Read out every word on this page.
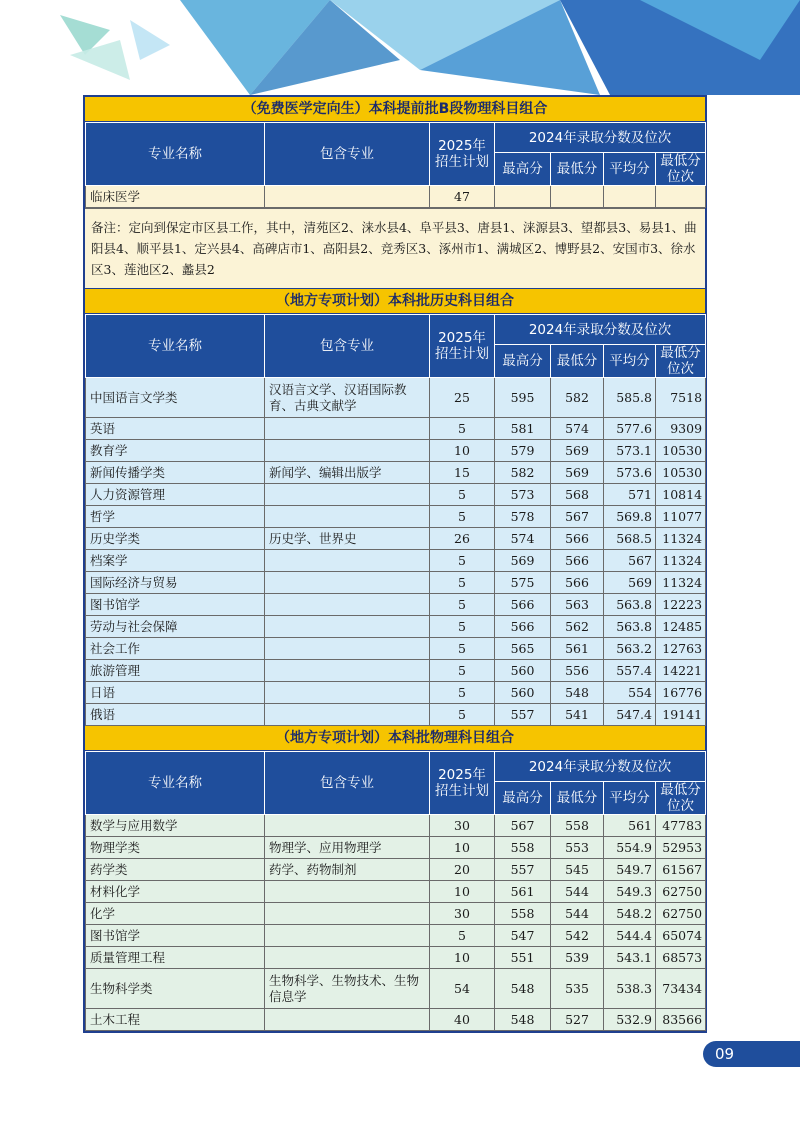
（免费医学定向生）本科提前批B段物理科目组合
专业名称	包含专业	2025年
招生计划	2024年录取分数及位次			
			最高分	最低分	平均分	最低分
位次
临床医学		47				
备注：定向到保定市区县工作，其中，清苑区2、涞水县4、阜平县3、唐县1、涞源县3、望都县3、易县1、曲阳县4、顺平县1、定兴县4、高碑店市1、高阳县2、竞秀区3、涿州市1、满城区2、博野县2、安国市3、徐水区3、莲池区2、蠡县2
（地方专项计划）本科批历史科目组合
专业名称	包含专业	2025年
招生计划	2024年录取分数及位次			
			最高分	最低分	平均分	最低分
位次
中国语言文学类	汉语言文学、汉语国际教育、古典文献学	25	595	582	585.8	7518
英语		5	581	574	577.6	9309
教育学		10	579	569	573.1	10530
新闻传播学类	新闻学、编辑出版学	15	582	569	573.6	10530
人力资源管理		5	573	568	571	10814
哲学		5	578	567	569.8	11077
历史学类	历史学、世界史	26	574	566	568.5	11324
档案学		5	569	566	567	11324
国际经济与贸易		5	575	566	569	11324
图书馆学		5	566	563	563.8	12223
劳动与社会保障		5	566	562	563.8	12485
社会工作		5	565	561	563.2	12763
旅游管理		5	560	556	557.4	14221
日语		5	560	548	554	16776
俄语		5	557	541	547.4	19141
（地方专项计划）本科批物理科目组合
专业名称	包含专业	2025年
招生计划	2024年录取分数及位次			
			最高分	最低分	平均分	最低分
位次
数学与应用数学		30	567	558	561	47783
物理学类	物理学、应用物理学	10	558	553	554.9	52953
药学类	药学、药物制剂	20	557	545	549.7	61567
材料化学		10	561	544	549.3	62750
化学		30	558	544	548.2	62750
图书馆学		5	547	542	544.4	65074
质量管理工程		10	551	539	543.1	68573
生物科学类	生物科学、生物技术、生物信息学	54	548	535	538.3	73434
土木工程		40	548	527	532.9	83566
09
